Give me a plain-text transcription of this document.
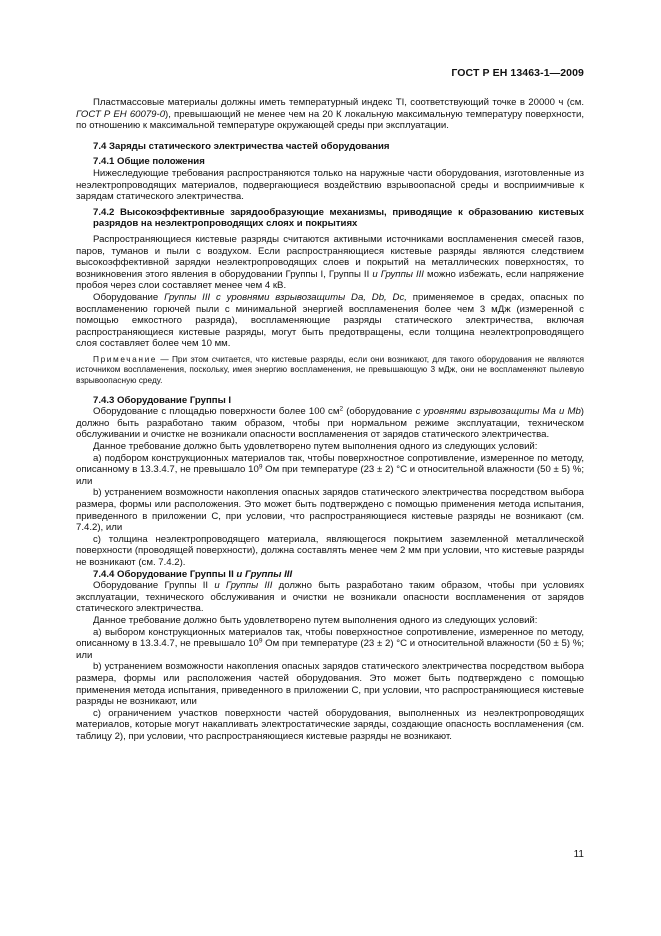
ГОСТ Р ЕН 13463-1—2009

Пластмассовые материалы должны иметь температурный индекс TI, соответствующий точке в 20000 ч (см. ГОСТ Р ЕН 60079-0), превышающий не менее чем на 20 К локальную максимальную температуру поверхности, по отношению к максимальной температуре окружающей среды при эксплуатации.

7.4 Заряды статического электричества частей оборудования

7.4.1 Общие положения

Нижеследующие требования распространяются только на наружные части оборудования, изготовленные из неэлектропроводящих материалов, подвергающиеся воздействию взрывоопасной среды и восприимчивые к зарядам статического электричества.

7.4.2 Высокоэффективные зарядообразующие механизмы, приводящие к образованию кистевых разрядов на неэлектропроводящих слоях и покрытиях

Распространяющиеся кистевые разряды считаются активными источниками воспламенения смесей газов, паров, туманов и пыли с воздухом. Если распространяющиеся кистевые разряды являются следствием высокоэффективной зарядки неэлектропроводящих слоев и покрытий на металлических поверхностях, то возникновения этого явления в оборудовании Группы I, Группы II и Группы III можно избежать, если напряжение пробоя через слои составляет менее чем 4 кВ.

Оборудование Группы III с уровнями взрывозащиты Da, Db, Dc, применяемое в средах, опасных по воспламенению горючей пыли с минимальной энергией воспламенения более чем 3 мДж (измеренной с помощью емкостного разряда), воспламеняющие разряды статического электричества, включая распространяющиеся кистевые разряды, могут быть предотвращены, если толщина неэлектропроводящего слоя составляет более чем 10 мм.

Примечание — При этом считается, что кистевые разряды, если они возникают, для такого оборудования не являются источником воспламенения, поскольку, имея энергию воспламенения, не превышающую 3 мДж, они не воспламеняют пылевую взрывоопасную среду.

7.4.3 Оборудование Группы I

Оборудование с площадью поверхности более 100 $см^2$ (оборудование с уровнями взрывозащиты Ma и Mb) должно быть разработано таким образом, чтобы при нормальном режиме эксплуатации, техническом обслуживании и очистке не возникали опасности воспламенения от зарядов статического электричества.

Данное требование должно быть удовлетворено путем выполнения одного из следующих условий:

a) подбором конструкционных материалов так, чтобы поверхностное сопротивление, измеренное по методу, описанному в 13.3.4.7, не превышало $10^9$ Ом при температуре (23 ± 2) °С и относительной влажности (50 ± 5) %; или

b) устранением возможности накопления опасных зарядов статического электричества посредством выбора размера, формы или расположения. Это может быть подтверждено с помощью применения метода испытания, приведенного в приложении С, при условии, что распространяющиеся кистевые разряды не возникают (см. 7.4.2), или

c) толщина неэлектропроводящего материала, являющегося покрытием заземленной металлической поверхности (проводящей поверхности), должна составлять менее чем 2 мм при условии, что кистевые разряды не возникают (см. 7.4.2).

7.4.4 Оборудование Группы II и Группы III

Оборудование Группы II и Группы III должно быть разработано таким образом, чтобы при условиях эксплуатации, технического обслуживания и очистки не возникали опасности воспламенения от зарядов статического электричества.

Данное требование должно быть удовлетворено путем выполнения одного из следующих условий:

a) выбором конструкционных материалов так, чтобы поверхностное сопротивление, измеренное по методу, описанному в 13.3.4.7, не превышало $10^9$ Ом при температуре (23 ± 2) °С и относительной влажности (50 ± 5) %; или

b) устранением возможности накопления опасных зарядов статического электричества посредством выбора размера, формы или расположения частей оборудования. Это может быть подтверждено с помощью применения метода испытания, приведенного в приложении С, при условии, что распространяющиеся кистевые разряды не возникают, или

c) ограничением участков поверхности частей оборудования, выполненных из неэлектропроводящих материалов, которые могут накапливать электростатические заряды, создающие опасность воспламенения (см. таблицу 2), при условии, что распространяющиеся кистевые разряды не возникают.

11
